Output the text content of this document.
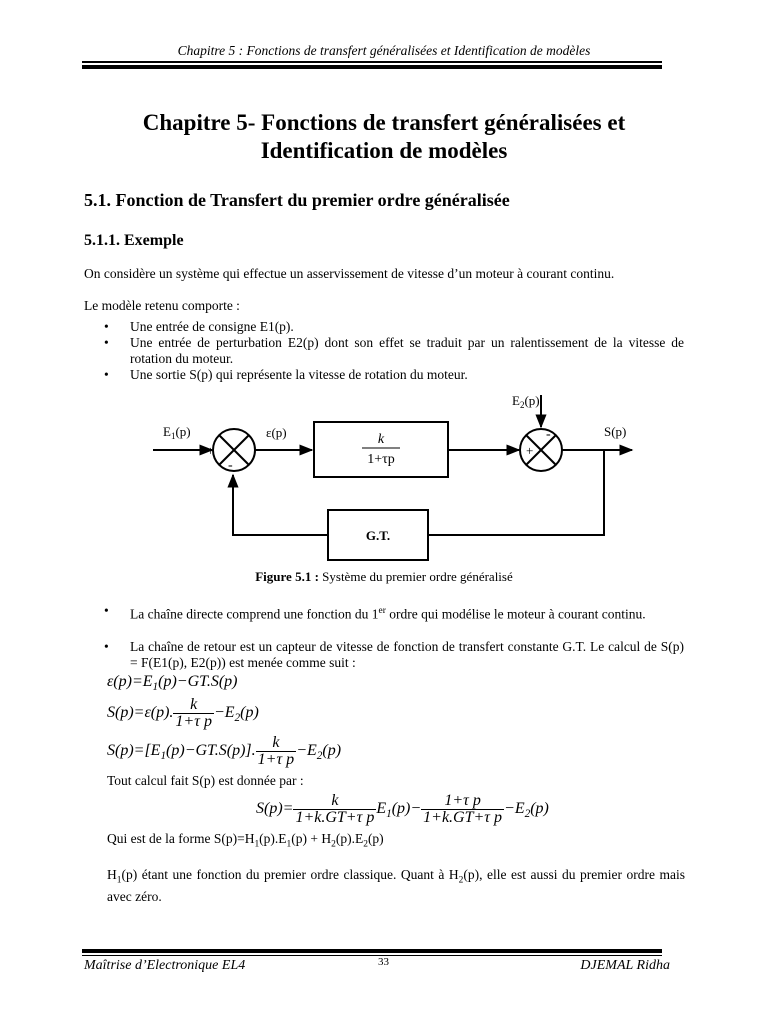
Chapitre 5 : Fonctions de transfert généralisées et Identification de modèles
Chapitre 5- Fonctions de transfert généralisées et
Identification de modèles
5.1. Fonction de Transfert du premier ordre généralisée
5.1.1. Exemple
On considère un système qui effectue un asservissement de vitesse d’un moteur à courant continu.
Le modèle retenu comporte :
• Une entrée de consigne E1(p).
• Une entrée de perturbation E2(p) dont son effet se traduit par un ralentissement de la vitesse de rotation du moteur.
• Une sortie S(p) qui représente la vitesse de rotation du moteur.
$E_1(p)$	ε(p)
$E_2(p)$
S(p)
k
1+τp
G.T.
+
-
-
+
Figure 5.1 : Système du premier ordre généralisé
• La chaîne directe comprend une fonction du 1er ordre qui modélise le moteur à courant continu.
• La chaîne de retour est un capteur de vitesse de fonction de transfert constante G.T. Le calcul de S(p) = F(E1(p), E2(p)) est menée comme suit :
$\varepsilon(p)=E_1(p)-GT.S(p)$
S(p)=ε(p). $\frac{k}{\text{1+τ p}} -E_2(p)$
$S(p)=[E_1(p)-GT.S(p)]$. $\frac{k}{\text{1+τ p}} -E_2(p)$
Tout calcul fait S(p) est donnée par :
$S(p)= \frac{k}{\text{1+k.GT+τ p}} E_1(p)- \frac{\text{1+τ p}}{\text{1+k.GT+τ p}} -E_2(p)$
Qui est de la forme $S(p)=H_1(p).E_1(p) + H_2(p).E_2(p)$
$H_1(p)$ étant une fonction du premier ordre classique. Quant à $H_2(p)$, elle est aussi du premier ordre mais avec zéro.
Maîtrise d’Electronique EL4	33	DJEMAL Ridha
